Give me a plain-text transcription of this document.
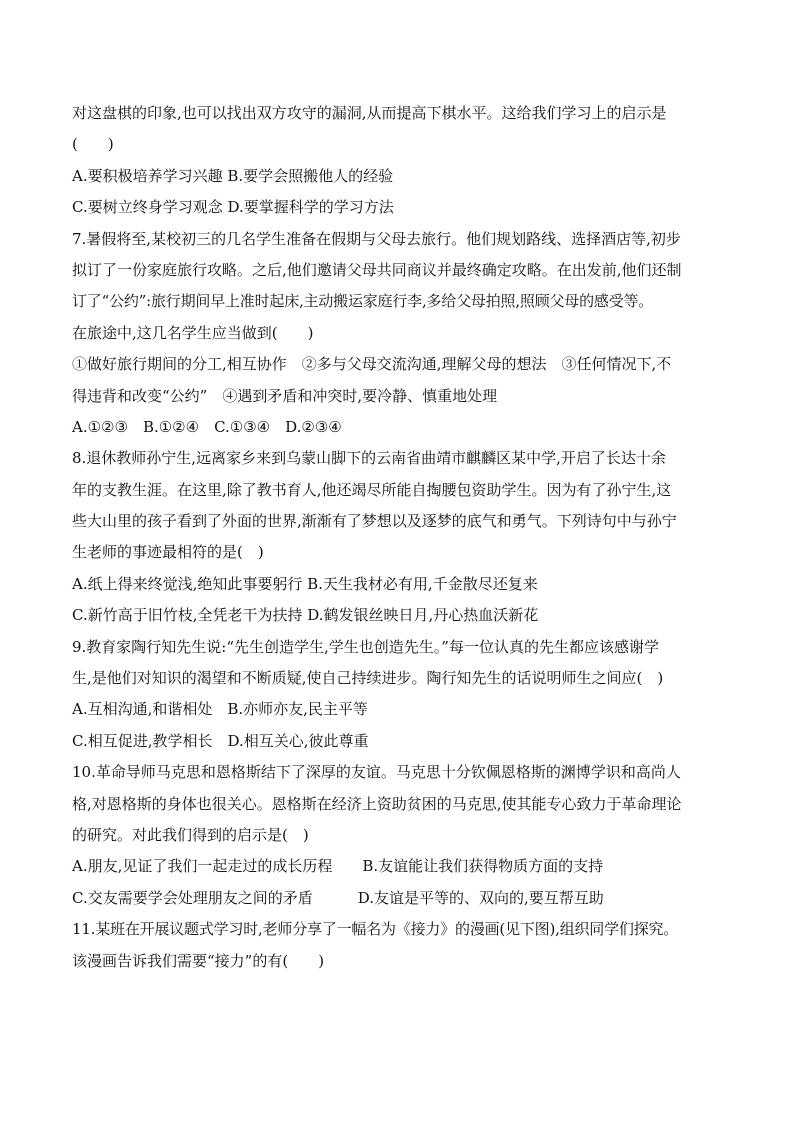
对这盘棋的印象,也可以找出双方攻守的漏洞,从而提高下棋水平。这给我们学习上的启示是
(　　)
A.要积极培养学习兴趣 B.要学会照搬他人的经验
C.要树立终身学习观念 D.要掌握科学的学习方法
7.暑假将至,某校初三的几名学生准备在假期与父母去旅行。他们规划路线、选择酒店等,初步
拟订了一份家庭旅行攻略。之后,他们邀请父母共同商议并最终确定攻略。在出发前,他们还制
订了“公约”:旅行期间早上准时起床,主动搬运家庭行李,多给父母拍照,照顾父母的感受等。
在旅途中,这几名学生应当做到(　　)
①做好旅行期间的分工,相互协作　②多与父母交流沟通,理解父母的想法　③任何情况下,不
得违背和改变“公约”　④遇到矛盾和冲突时,要冷静、慎重地处理
A.①②③　B.①②④　C.①③④　D.②③④
8.退休教师孙宁生,远离家乡来到乌蒙山脚下的云南省曲靖市麒麟区某中学,开启了长达十余
年的支教生涯。在这里,除了教书育人,他还竭尽所能自掏腰包资助学生。因为有了孙宁生,这
些大山里的孩子看到了外面的世界,渐渐有了梦想以及逐梦的底气和勇气。下列诗句中与孙宁
生老师的事迹最相符的是(　)
A.纸上得来终觉浅,绝知此事要躬行 B.天生我材必有用,千金散尽还复来
C.新竹高于旧竹枝,全凭老干为扶持 D.鹤发银丝映日月,丹心热血沃新花
9.教育家陶行知先生说:“先生创造学生,学生也创造先生。”每一位认真的先生都应该感谢学
生,是他们对知识的渴望和不断质疑,使自己持续进步。陶行知先生的话说明师生之间应(　)
A.互相沟通,和谐相处　B.亦师亦友,民主平等
C.相互促进,教学相长　D.相互关心,彼此尊重
10.革命导师马克思和恩格斯结下了深厚的友谊。马克思十分钦佩恩格斯的渊博学识和高尚人
格,对恩格斯的身体也很关心。恩格斯在经济上资助贫困的马克思,使其能专心致力于革命理论
的研究。对此我们得到的启示是(　)
A.朋友,见证了我们一起走过的成长历程　　B.友谊能让我们获得物质方面的支持
C.交友需要学会处理朋友之间的矛盾　　　D.友谊是平等的、双向的,要互帮互助
11.某班在开展议题式学习时,老师分享了一幅名为《接力》的漫画(见下图),组织同学们探究。
该漫画告诉我们需要“接力”的有(　　)
